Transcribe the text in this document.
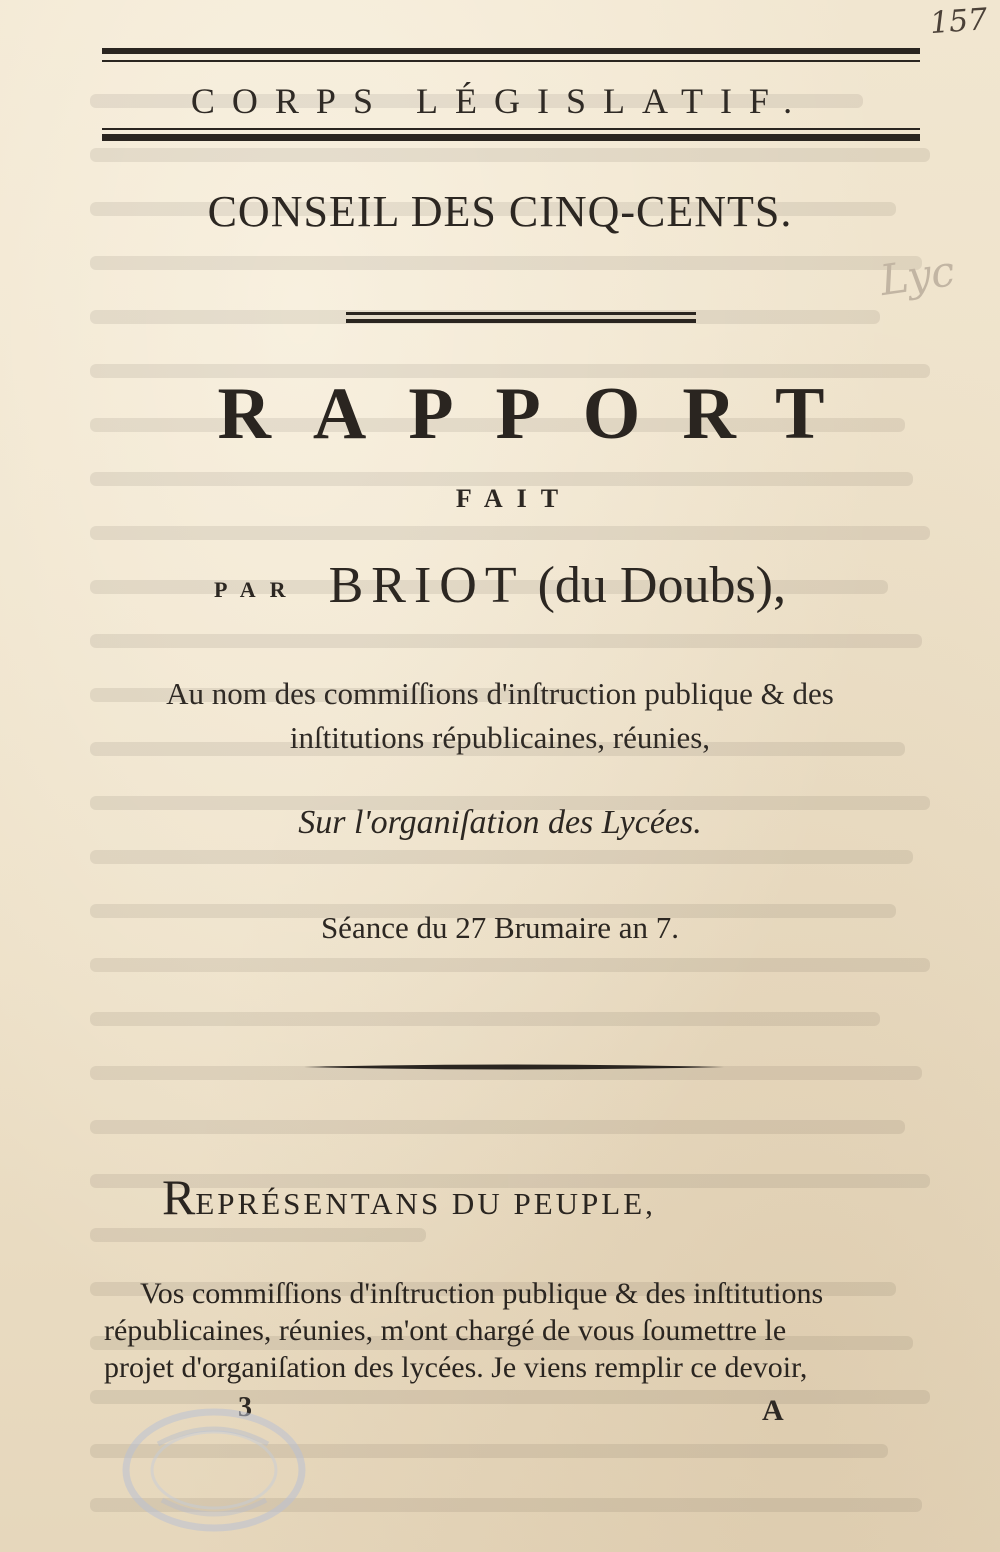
157
Lyc
CORPS LÉGISLATIF.
CONSEIL DES CINQ-CENTS.
RAPPORT
FAIT
PAR BRIOT (du Doubs),
Au nom des commiſſions d'inſtruction publique & des
inſtitutions républicaines, réunies,
Sur l'organiſation des Lycées.
Séance du 27 Brumaire an 7.
REPRÉSENTANS DU PEUPLE,
Vos commiſſions d'inſtruction publique & des inſtitutions
républicaines, réunies, m'ont chargé de vous ſoumettre le
projet d'organiſation des lycées. Je viens remplir ce devoir,
3	A
